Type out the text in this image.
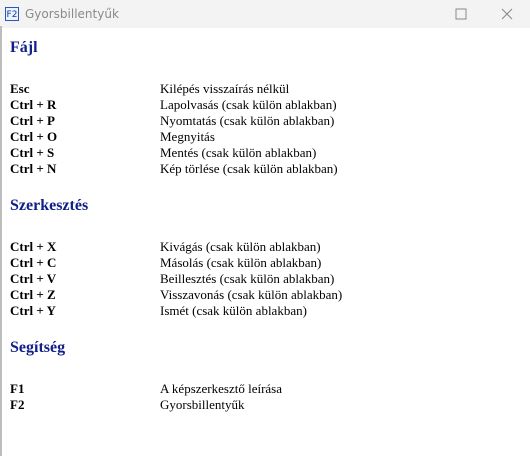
F2 Gyorsbillentyűk
Fájl
Esc	Kilépés visszaírás nélkül
Ctrl + R	Lapolvasás (csak külön ablakban)
Ctrl + P	Nyomtatás (csak külön ablakban)
Ctrl + O	Megnyitás
Ctrl + S	Mentés (csak külön ablakban)
Ctrl + N	Kép törlése (csak külön ablakban)
Szerkesztés
Ctrl + X	Kivágás (csak külön ablakban)
Ctrl + C	Másolás (csak külön ablakban)
Ctrl + V	Beillesztés (csak külön ablakban)
Ctrl + Z	Visszavonás (csak külön ablakban)
Ctrl + Y	Ismét (csak külön ablakban)
Segítség
F1	A képszerkesztő leírása
F2	Gyorsbillentyűk
